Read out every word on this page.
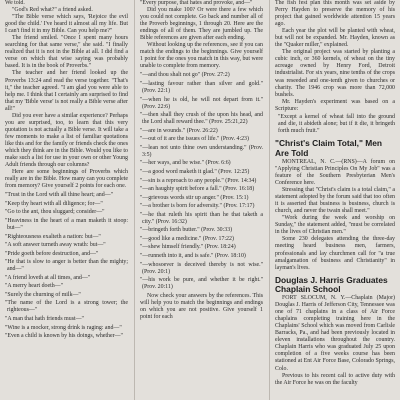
We told.

"God's Red what?" a friend asked.

"The Bible verse which says, 'Rejoice the evil good the child.' I've heard it almost all my life. But I can't find it in my Bible. Can you help me?"

The friend smiled. "Once I spent many hours searching for that same verse," she said. "I finally realized that it is not in the Bible at all. I did find a verse on which that wise saying was probably based. It is in the book of Proverbs."

The teacher and her friend looked up the Proverbs 13:24 and read the verse together. "That's it," the teacher agreed. "I am glad you were able to help me. I think that I certainly am surprised to find that my 'Bible verse' is not really a Bible verse after all!"

Did you ever have a similar experience? Perhaps you are surprised, too, to learn that this very quotation is not actually a Bible verse. It will take a few moments to make a list of familiar quotations like this and for the family or friends check the ones which they think are in the Bible. Would you like to make such a list for use in your own or other Young Adult friends through our columns?

Here are some beginnings of Proverbs which really are in the Bible. How many can you complete from memory? Give yourself 2 points for each one.

"Trust in the Lord with all thine heart; and—"
"Keep thy heart with all diligence; for—"
"Go to the ant, thou sluggard; consider—"
"Heaviness in the heart of a man maketh it stoop: but—"
"Righteousness exalteth a nation: but—"
"A soft answer turneth away wrath: but—"
"Pride goeth before destruction, and—"
"He that is slow to anger is better than the mighty; and—"
"A friend loveth at all times, and—"
"A merry heart doeth—"
"Surely the churning of milk—"
"The name of the Lord is a strong tower; the righteous—"
"A man that hath friends must—"
"Wine is a mocker, strong drink is raging: and—"
"Even a child is known by his doings, whether—"

"Every purpose, that hates and provoke, and—"

Did you make 100? Or were there a few which you could not complete. Go back and number all of the Proverb beginnings, 1 through 20. Here are the endings of all of them. They are jumbled up. The Bible references are given after each ending.

Without looking up the references, see if you can match the endings to the beginnings. Give yourself 1 point for the ones you match in this way, but were unable to complete from memory.

"—and thou shalt not go" (Prov. 27:2)
"—lasting favour rather than silver and gold." (Prov. 22:1)
"—when he is old, he will not depart from it." (Prov. 22:6)
"—then shall they crush of the upon his head, and the Lord shall reward thee." (Prov. 25:21,22)
"—are in wounds." (Prov. 26:22)
"—out of it are the issues of life." (Prov. 4:23)
"—lean not unto thine own understanding." (Prov. 3:5)
"—her ways, and be wise." (Prov. 6:6)
"—a good word maketh it glad." (Prov. 12:25)
"—sin is a reproach to any people." (Prov. 14:34)
"—an haughty spirit before a fall." (Prov. 16:18)
"—grievous words stir up anger." (Prov. 15:1)
"—a brother is born for adversity." (Prov. 17:17)
"—he that ruleth his spirit than he that taketh a city." (Prov. 16:32)
"—bringeth forth butter." (Prov. 30:33)
"—good like a medicine." (Prov. 17:22)
"—shew himself friendly." (Prov. 18:24)
"—runneth into it, and is safe." (Prov. 18:10)
"—whosoever is deceived thereby is not wise." (Prov. 20:1)
"—his work be pure, and whether it be right." (Prov. 20:11)

Now check your answers by the references. This will help you to match the beginnings and endings on which you are not positive. Give yourself 1 point for each

The fish fest plan this month was set aside by Perry Hayden to preserve the memory of his project that gained worldwide attention 15 years ago.

Each year the plot will be planted with wheat, but will not be expanded. Mr. Hayden, known as the "Quaker miller," explained.

The original project was started by planting a cubic inch, or 360 kernels, of wheat on the tiny acreage owned by Henry Ford, Detroit industrialist. For six years, nine tenths of the crops was reseeded and one-tenth given to churches or charity. The 1946 crop was more than 72,000 bushels.

Mr. Hayden's experiment was based on a Scripture:

"Except a kernel of wheat fall into the ground and die, it abideth alone; but if it die, it bringeth forth much fruit."

"Christ's Claim Total," Men Are Told

MONTREAL, N. C.—(RNS)—A forum on "Applying Christian Principles On My Job" was a feature of the Southern Presbyterian Men's Conference here.

Stressing that "Christ's claim is a total claim," a statement adopted by the forum said that too often it is asserted that business is business, church is church, and never the twain shall meet."

"Work during the week and worship on Sunday," the statement added, "must be correlated in the lives of Christian men."

Some 230 delegates attending the three-day meeting heard business men, farmers, professionals and lay churchmen call for "a true amalgamation of business and Christianity" in layman's lives.

Douglas J. Harris Graduates Chaplain School

FORT SLOCUM, N. Y.—Chaplain (Major) Douglas J. Harris of Jefferson City, Tennessee was one of 71 chaplains in a class of Air Force chaplains completing training here in the Chaplains' School which was moved from Carlisle Barracks, Pa., and had been previously located in eleven installations throughout the country. Chaplain Harris who was graduated July 25 upon completion of a five weeks course has been stationed at Ent Air Force Base, Colorado Springs, Colo.

Previous to his recent call to active duty with the Air Force he was on the faculty
